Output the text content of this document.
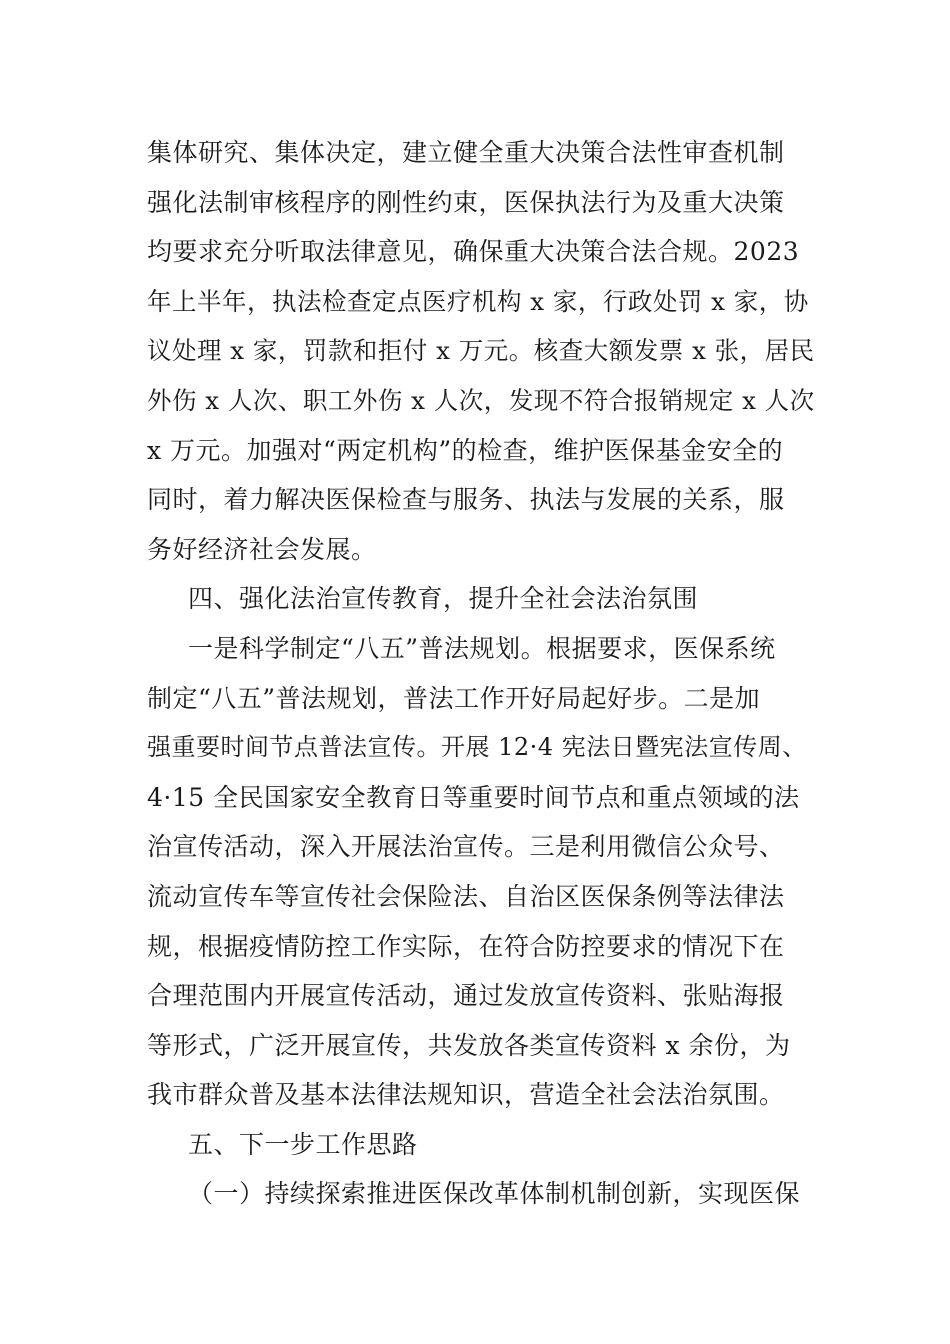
集体研究、集体决定，建立健全重大决策合法性审查机制
强化法制审核程序的刚性约束，医保执法行为及重大决策
均要求充分听取法律意见，确保重大决策合法合规。2023
年上半年，执法检查定点医疗机构 x 家，行政处罚 x 家，协
议处理 x 家，罚款和拒付 x 万元。核查大额发票 x 张，居民
外伤 x 人次、职工外伤 x 人次，发现不符合报销规定 x 人次
x 万元。加强对“两定机构”的检查，维护医保基金安全的
同时，着力解决医保检查与服务、执法与发展的关系，服
务好经济社会发展。
四、强化法治宣传教育，提升全社会法治氛围
一是科学制定“八五”普法规划。根据要求，医保系统
制定“八五”普法规划，普法工作开好局起好步。二是加
强重要时间节点普法宣传。开展 12·4 宪法日暨宪法宣传周、
4·15 全民国家安全教育日等重要时间节点和重点领域的法
治宣传活动，深入开展法治宣传。三是利用微信公众号、
流动宣传车等宣传社会保险法、自治区医保条例等法律法
规，根据疫情防控工作实际，在符合防控要求的情况下在
合理范围内开展宣传活动，通过发放宣传资料、张贴海报
等形式，广泛开展宣传，共发放各类宣传资料 x 余份，为
我市群众普及基本法律法规知识，营造全社会法治氛围。
五、下一步工作思路
（一）持续探索推进医保改革体制机制创新，实现医保
